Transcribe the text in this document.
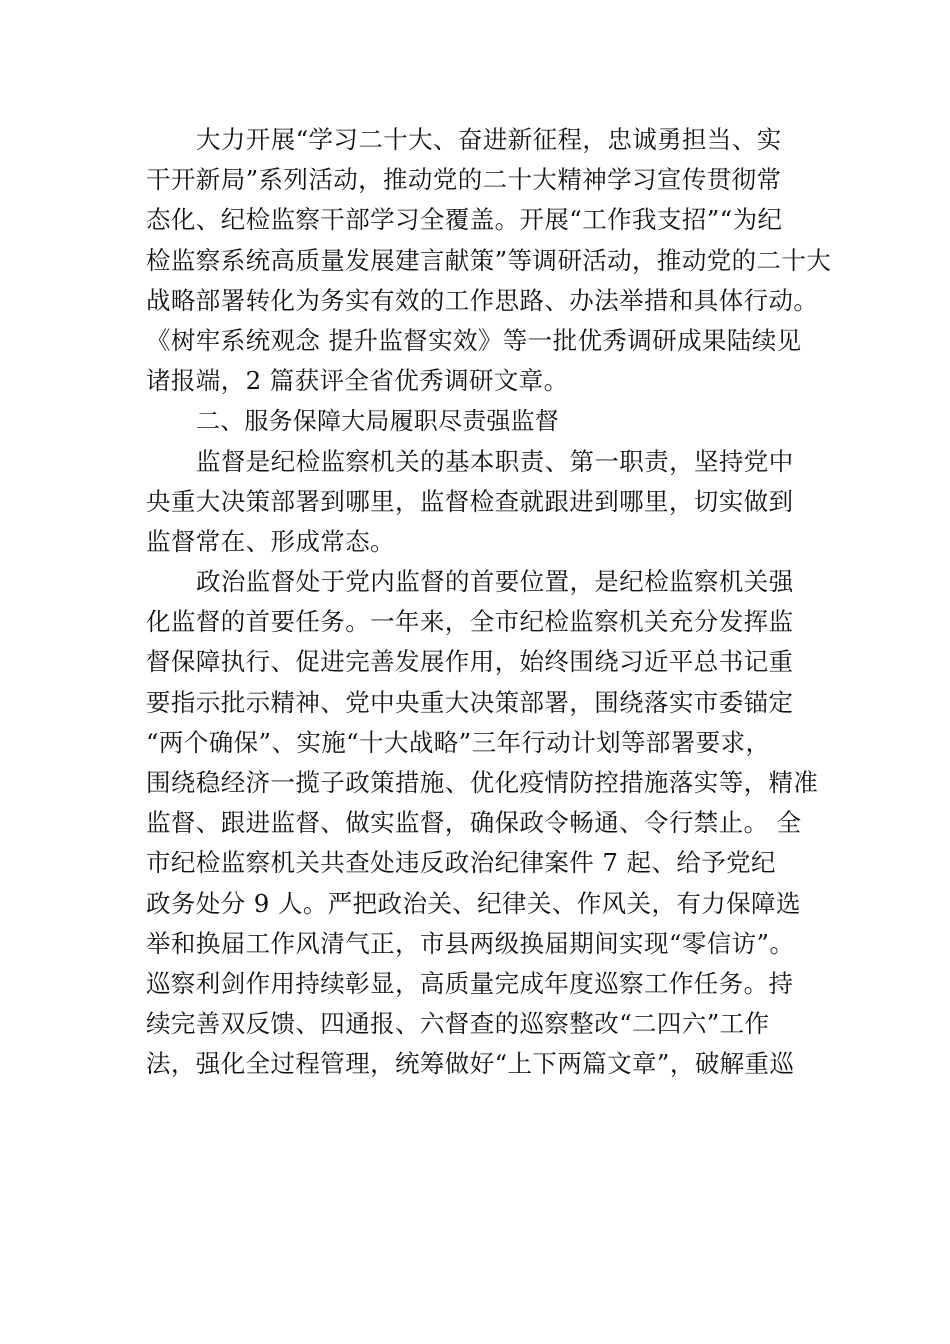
大力开展“学习二十大、奋进新征程，忠诚勇担当、实
干开新局”系列活动，推动党的二十大精神学习宣传贯彻常
态化、纪检监察干部学习全覆盖。开展“工作我支招”“为纪
检监察系统高质量发展建言献策”等调研活动，推动党的二十大
战略部署转化为务实有效的工作思路、办法举措和具体行动。
《树牢系统观念 提升监督实效》等一批优秀调研成果陆续见
诸报端，2 篇获评全省优秀调研文章。
二、服务保障大局履职尽责强监督
监督是纪检监察机关的基本职责、第一职责，坚持党中
央重大决策部署到哪里，监督检查就跟进到哪里，切实做到
监督常在、形成常态。
政治监督处于党内监督的首要位置，是纪检监察机关强
化监督的首要任务。一年来，全市纪检监察机关充分发挥监
督保障执行、促进完善发展作用，始终围绕习近平总书记重
要指示批示精神、党中央重大决策部署，围绕落实市委锚定
“两个确保”、实施“十大战略”三年行动计划等部署要求，
围绕稳经济一揽子政策措施、优化疫情防控措施落实等，精准
监督、跟进监督、做实监督，确保政令畅通、令行禁止。 全
市纪检监察机关共查处违反政治纪律案件 7 起、给予党纪
政务处分 9 人。严把政治关、纪律关、作风关，有力保障选
举和换届工作风清气正，市县两级换届期间实现“零信访”。
巡察利剑作用持续彰显，高质量完成年度巡察工作任务。持
续完善双反馈、四通报、六督查的巡察整改“二四六”工作
法，强化全过程管理，统筹做好“上下两篇文章”，破解重巡
